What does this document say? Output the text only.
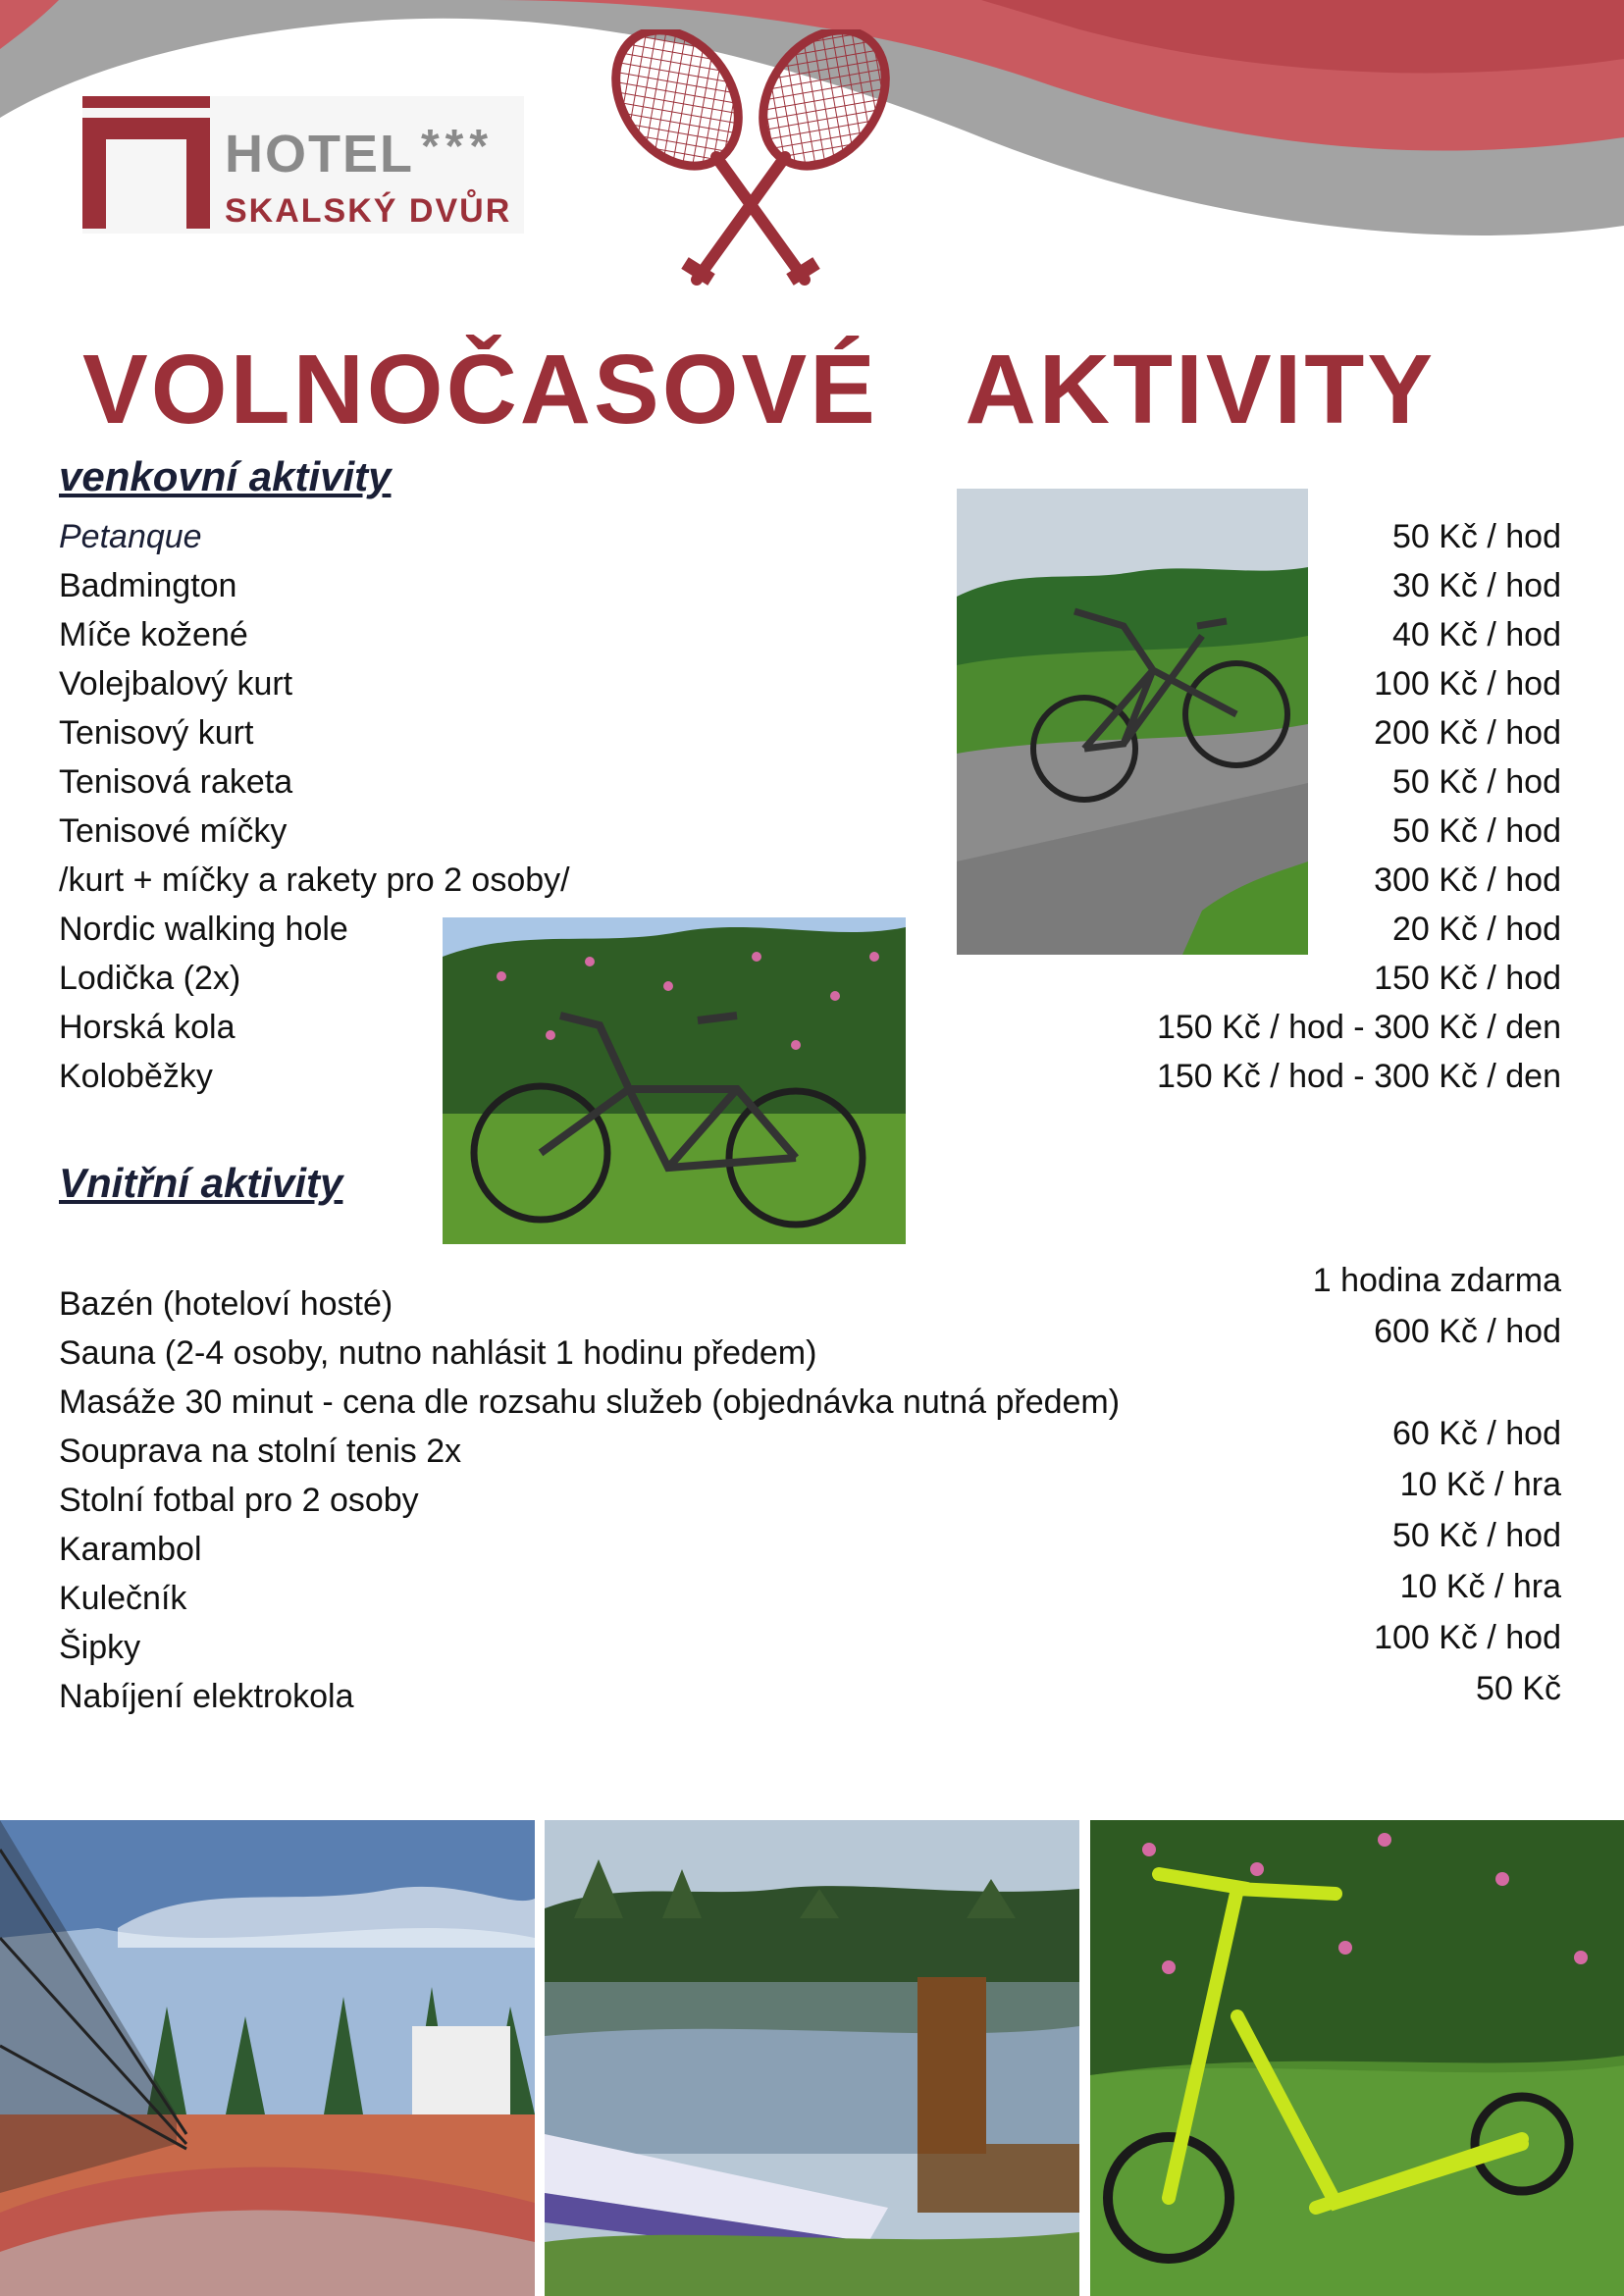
HOTEL ***
SKALSKÝ DVŮR
VOLNOČASOVÉ   AKTIVITY
venkovní aktivity
Petanque
Badmington
Míče kožené
Volejbalový kurt
Tenisový kurt
Tenisová raketa
Tenisové míčky
/kurt + míčky a rakety pro 2 osoby/
Nordic walking hole
Lodička (2x)
Horská kola
Koloběžky
50 Kč / hod
30 Kč / hod
40 Kč / hod
100 Kč / hod
200 Kč / hod
50 Kč / hod
50 Kč / hod
300 Kč / hod
20 Kč / hod
150 Kč / hod
150 Kč / hod - 300 Kč / den
150 Kč / hod - 300 Kč / den
Vnitřní aktivity
Bazén (hoteloví hosté)
Sauna (2-4 osoby, nutno nahlásit 1 hodinu předem)
Masáže 30 minut - cena dle rozsahu služeb (objednávka nutná předem)
Souprava na stolní tenis 2x
Stolní fotbal pro 2 osoby
Karambol
Kulečník
Šipky
Nabíjení elektrokola
1 hodina zdarma
600 Kč / hod
60 Kč / hod
10 Kč / hra
50 Kč / hod
10 Kč / hra
100 Kč / hod
50 Kč
